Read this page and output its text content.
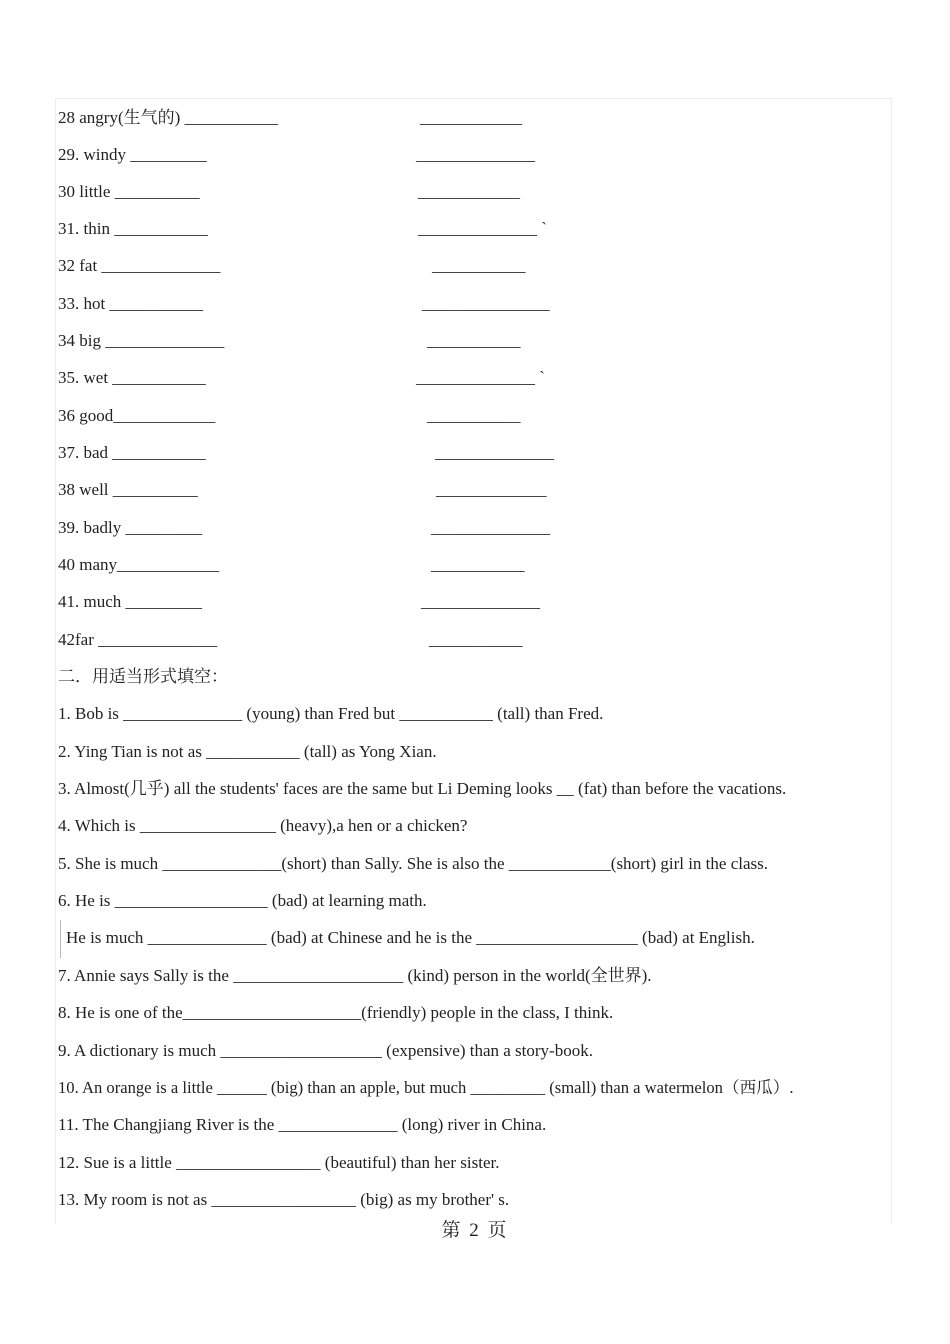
28 angry(生气的) ___________	____________
29. windy _________	______________
30 little __________	____________
31. thin ___________	______________ `
32 fat ______________	___________
33. hot ___________	_______________
34 big ______________	___________
35. wet ___________	______________ `
36 good____________	___________
37. bad ___________	______________
38 well __________	_____________
39. badly _________	______________
40 many____________	___________
41. much _________	______________
42far ______________	___________
二．用适当形式填空：
1. Bob is ______________ (young) than Fred but ___________ (tall) than Fred.
2. Ying Tian is not as ___________ (tall) as Yong Xian.
3. Almost(几乎) all the students' faces are the same but Li Deming looks __ (fat) than before the vacations.
4. Which is ________________ (heavy),a hen or a chicken?
5. She is much ______________(short) than Sally. She is also the ____________(short) girl in the class.
6. He is __________________ (bad) at learning math.
He is much ______________ (bad) at Chinese and he is the ___________________ (bad) at English.
7. Annie says Sally is the ____________________ (kind) person in the world(全世界).
8. He is one of the_____________________(friendly) people in the class, I think.
9. A dictionary is much ___________________ (expensive) than a story-book.
10. An orange is a little ______ (big) than an apple, but much _________ (small) than a watermelon（西瓜）.
11. The Changjiang River is the ______________ (long) river in China.
12. Sue is a little _________________ (beautiful) than her sister.
13. My room is not as _________________ (big) as my brother' s.
第 2 页
